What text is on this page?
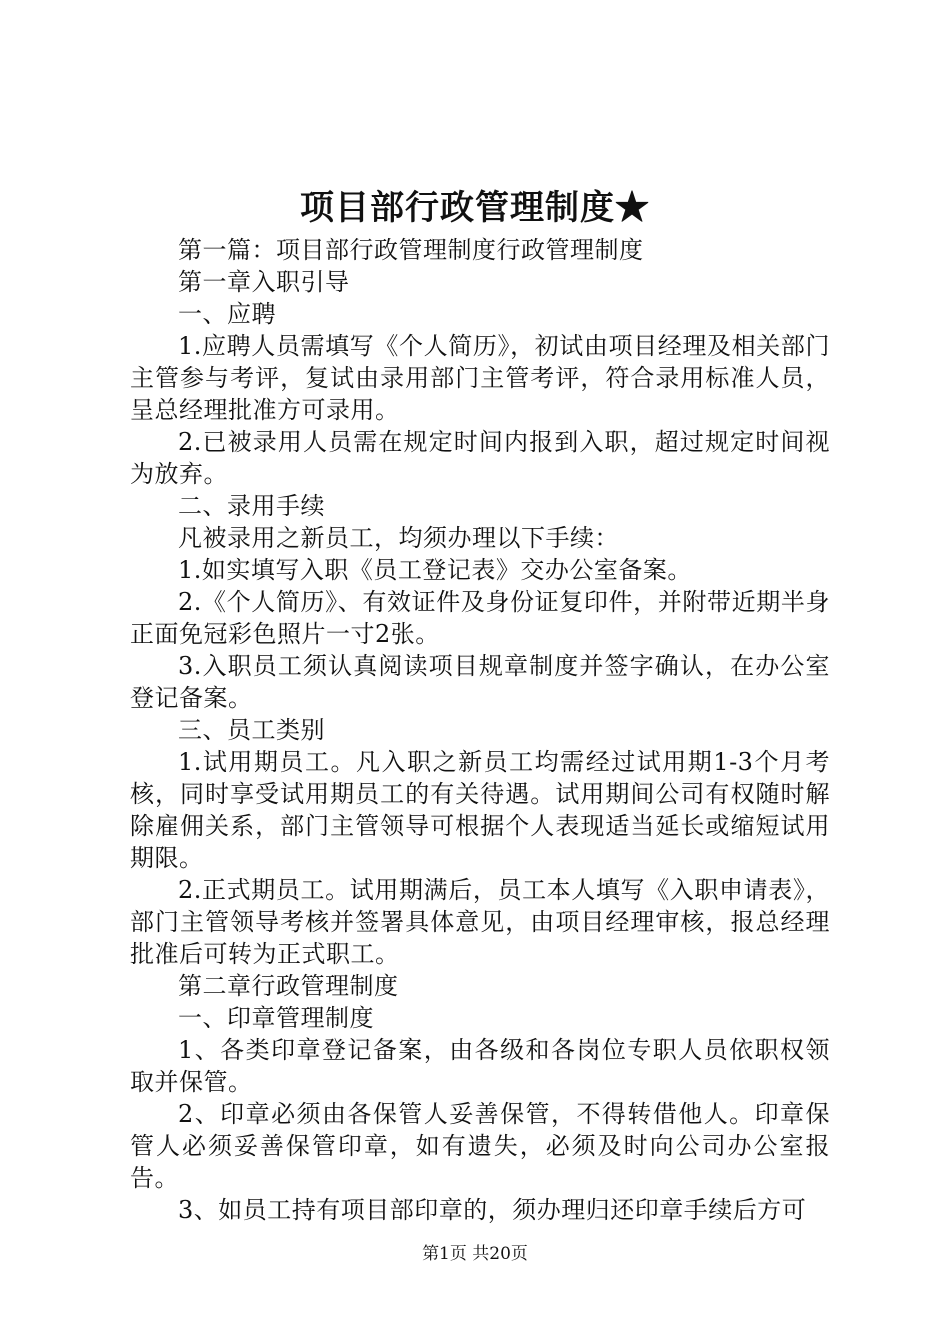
项目部行政管理制度★

第一篇：项目部行政管理制度行政管理制度

第一章入职引导

一、应聘

1.应聘人员需填写《个人简历》，初试由项目经理及相关部门主管参与考评，复试由录用部门主管考评，符合录用标准人员，呈总经理批准方可录用。

2.已被录用人员需在规定时间内报到入职，超过规定时间视为放弃。

二、录用手续

凡被录用之新员工，均须办理以下手续：

1.如实填写入职《员工登记表》交办公室备案。

2.《个人简历》、有效证件及身份证复印件，并附带近期半身正面免冠彩色照片一寸2张。

3.入职员工须认真阅读项目规章制度并签字确认，在办公室登记备案。

三、员工类别

1.试用期员工。凡入职之新员工均需经过试用期1-3个月考核，同时享受试用期员工的有关待遇。试用期间公司有权随时解除雇佣关系，部门主管领导可根据个人表现适当延长或缩短试用期限。

2.正式期员工。试用期满后，员工本人填写《入职申请表》，部门主管领导考核并签署具体意见，由项目经理审核，报总经理批准后可转为正式职工。

第二章行政管理制度

一、印章管理制度

1、各类印章登记备案，由各级和各岗位专职人员依职权领取并保管。

2、印章必须由各保管人妥善保管，不得转借他人。印章保管人必须妥善保管印章，如有遗失，必须及时向公司办公室报告。

3、如员工持有项目部印章的，须办理归还印章手续后方可

第1页 共20页
